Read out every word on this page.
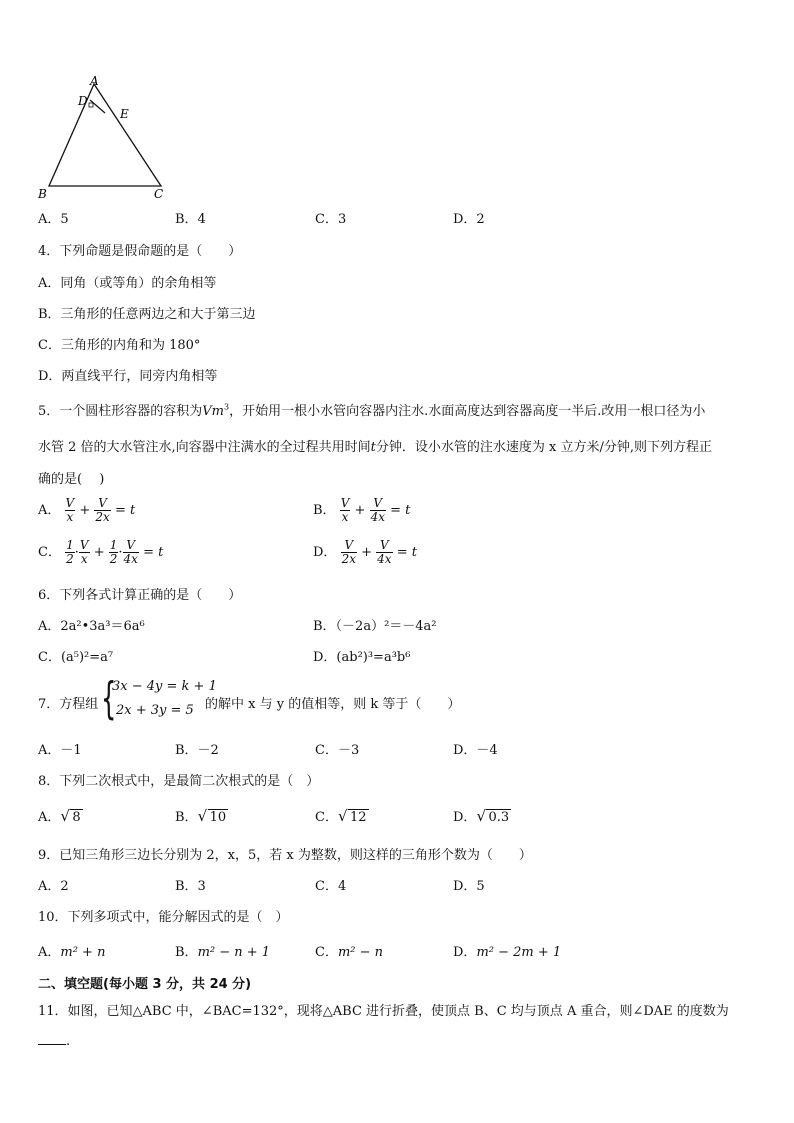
A
D
E
B	C
A．5	B．4	C．3	D．2
4．下列命题是假命题的是（　　）
A．同角（或等角）的余角相等
B．三角形的任意两边之和大于第三边
C．三角形的内角和为 180°
D．两直线平行，同旁内角相等
5．一个圆柱形容器的容积为Vm$^3$，开始用一根小水管向容器内注水.水面高度达到容器高度一半后.改用一根口径为小
水管 2 倍的大水管注水,向容器中注满水的全过程共用时间t分钟．设小水管的注水速度为 x 立方米/分钟,则下列方程正
确的是(　 )
A． $\frac{V}{x} + \frac{V}{2x} = t$	B． $\frac{V}{x} + \frac{V}{4x} = t$
C． $\frac{1}{2} \cdot \frac{V}{x} + \frac{1}{2} \cdot \frac{V}{4x} = t$	D． $\frac{V}{2x} + \frac{V}{4x} = t$
6．下列各式计算正确的是（　　）
A．2a²•3a³＝6a⁶	B．（－2a）²＝－4a²
C．(a⁵)²=a⁷	D．(ab²)³=a³b⁶
7．方程组 {
3x − 4y = k + 1
2x + 3y = 5 的解中 x 与 y 的值相等，则 k 等于（　　）
A．－1	B．－2	C．－3	D．－4
8．下列二次根式中，是最简二次根式的是（　）
A． √ 8	B． √ 10	C． √ 12	D． √ 0.3
9．已知三角形三边长分别为 2，x，5，若 x 为整数，则这样的三角形个数为（　　）
A．2	B．3	C．4	D．5
10．下列多项式中，能分解因式的是（　）
A．m² + n	B．m² − n + 1	C．m² − n	D．m² − 2m + 1
二、填空题(每小题 3 分，共 24 分)
11．如图，已知△ABC 中，∠BAC=132°，现将△ABC 进行折叠，使顶点 B、C 均与顶点 A 重合，则∠DAE 的度数为
.
